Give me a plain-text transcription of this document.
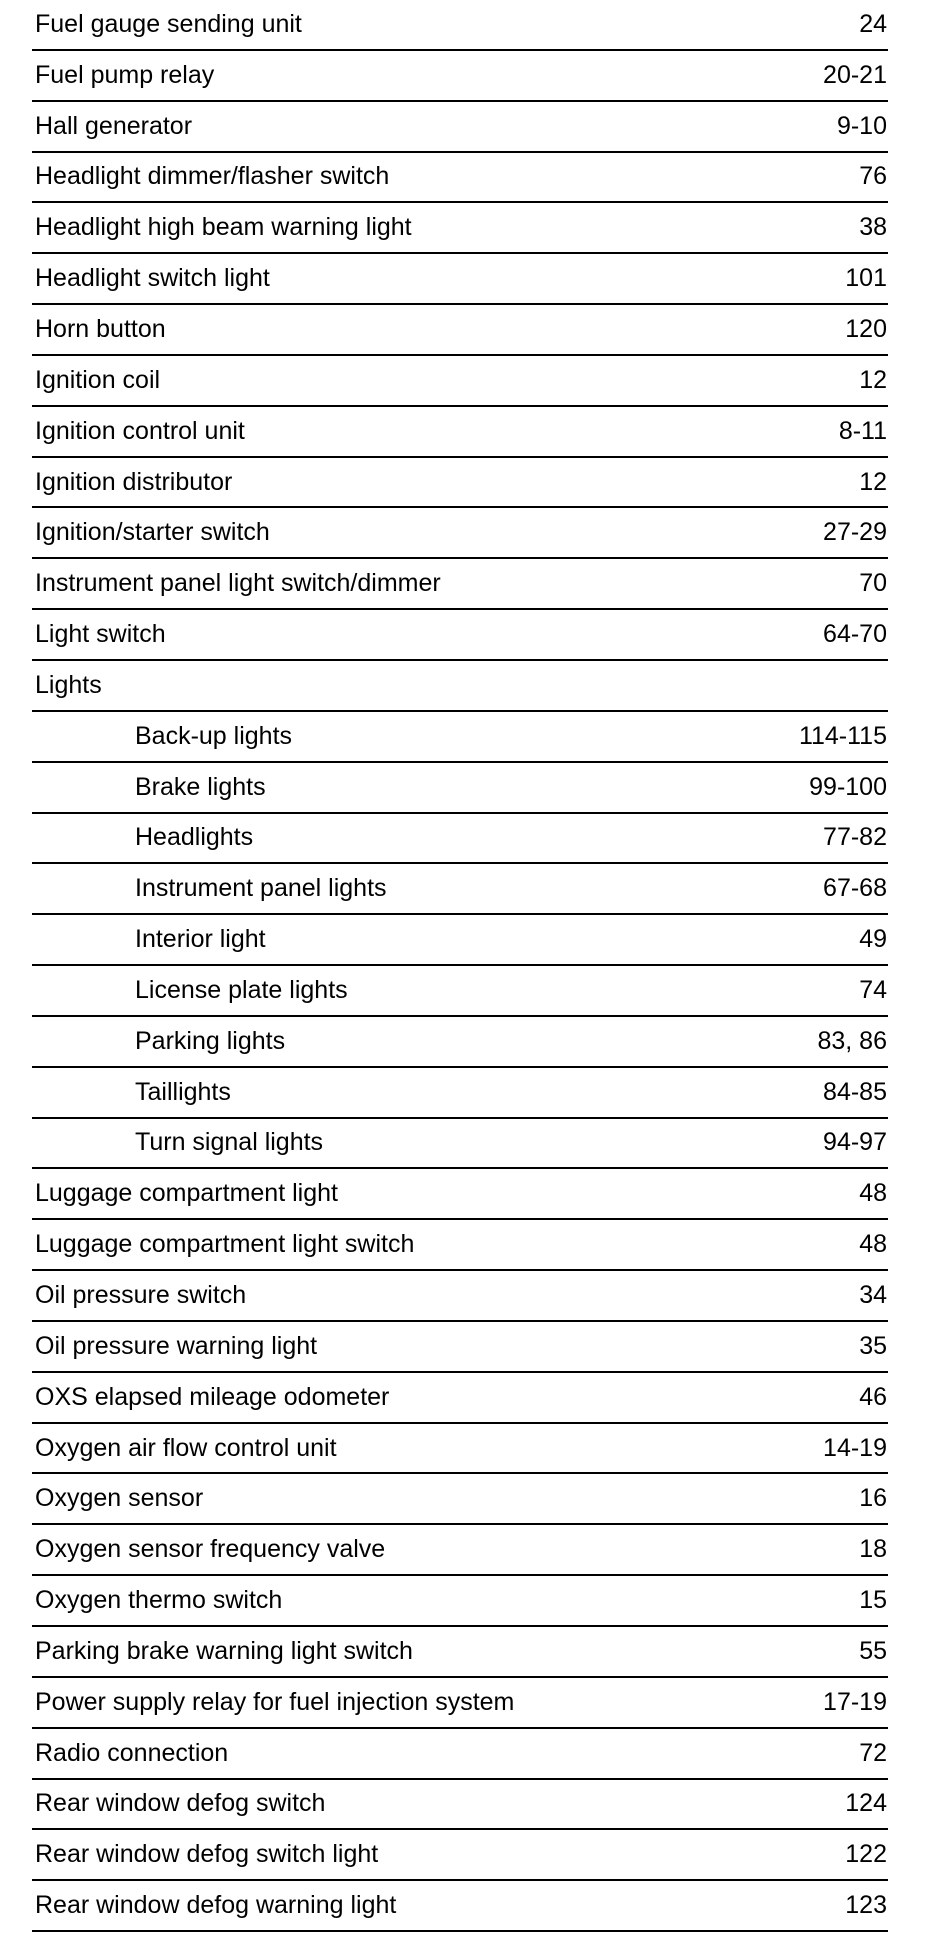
Fuel gauge sending unit	24
Fuel pump relay	20-21
Hall generator	9-10
Headlight dimmer/flasher switch	76
Headlight high beam warning light	38
Headlight switch light	101
Horn button	120
Ignition coil	12
Ignition control unit	8-11
Ignition distributor	12
Ignition/starter switch	27-29
Instrument panel light switch/dimmer	70
Light switch	64-70
Lights
Back-up lights	114-115
Brake lights	99-100
Headlights	77-82
Instrument panel lights	67-68
Interior light	49
License plate lights	74
Parking lights	83, 86
Taillights	84-85
Turn signal lights	94-97
Luggage compartment light	48
Luggage compartment light switch	48
Oil pressure switch	34
Oil pressure warning light	35
OXS elapsed mileage odometer	46
Oxygen air flow control unit	14-19
Oxygen sensor	16
Oxygen sensor frequency valve	18
Oxygen thermo switch	15
Parking brake warning light switch	55
Power supply relay for fuel injection system	17-19
Radio connection	72
Rear window defog switch	124
Rear window defog switch light	122
Rear window defog warning light	123
